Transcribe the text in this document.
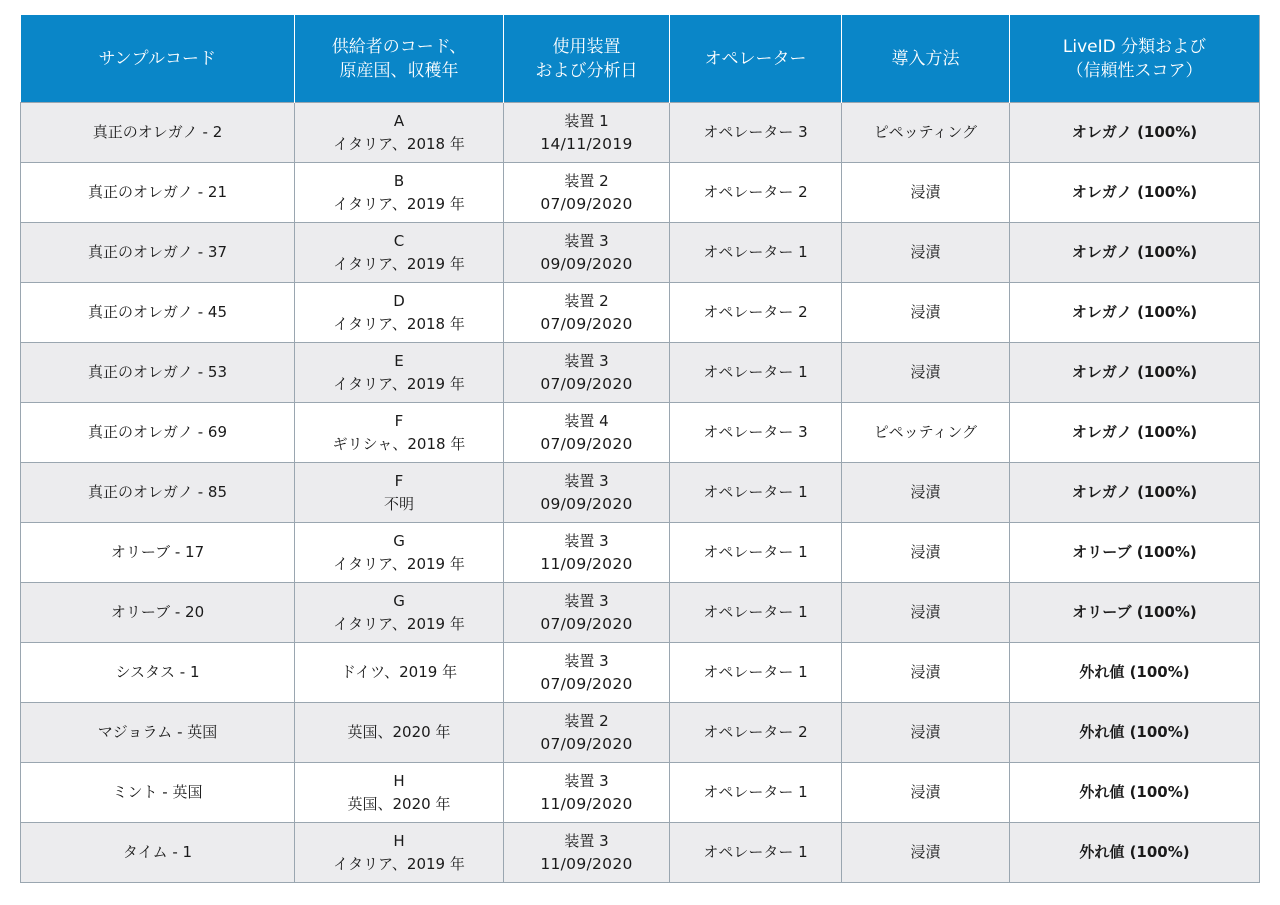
サンプルコード	供給者のコード、
原産国、収穫年	使用装置
および分析日	オペレーター	導入方法	LiveID 分類および
（信頼性スコア）

真正のオレガノ - 2	A
イタリア、2018 年	装置 1
14/11/2019	オペレーター 3	ピペッティング	オレガノ (100%)

真正のオレガノ - 21	B
イタリア、2019 年	装置 2
07/09/2020	オペレーター 2	浸漬	オレガノ (100%)

真正のオレガノ - 37	C
イタリア、2019 年	装置 3
09/09/2020	オペレーター 1	浸漬	オレガノ (100%)

真正のオレガノ - 45	D
イタリア、2018 年	装置 2
07/09/2020	オペレーター 2	浸漬	オレガノ (100%)

真正のオレガノ - 53	E
イタリア、2019 年	装置 3
07/09/2020	オペレーター 1	浸漬	オレガノ (100%)

真正のオレガノ - 69	F
ギリシャ、2018 年	装置 4
07/09/2020	オペレーター 3	ピペッティング	オレガノ (100%)

真正のオレガノ - 85	F
不明	装置 3
09/09/2020	オペレーター 1	浸漬	オレガノ (100%)

オリーブ - 17	G
イタリア、2019 年	装置 3
11/09/2020	オペレーター 1	浸漬	オリーブ (100%)

オリーブ - 20	G
イタリア、2019 年	装置 3
07/09/2020	オペレーター 1	浸漬	オリーブ (100%)

シスタス - 1	ドイツ、2019 年	装置 3
07/09/2020	オペレーター 1	浸漬	外れ値 (100%)

マジョラム - 英国	英国、2020 年	装置 2
07/09/2020	オペレーター 2	浸漬	外れ値 (100%)

ミント - 英国	H
英国、2020 年	装置 3
11/09/2020	オペレーター 1	浸漬	外れ値 (100%)

タイム - 1	H
イタリア、2019 年	装置 3
11/09/2020	オペレーター 1	浸漬	外れ値 (100%)
